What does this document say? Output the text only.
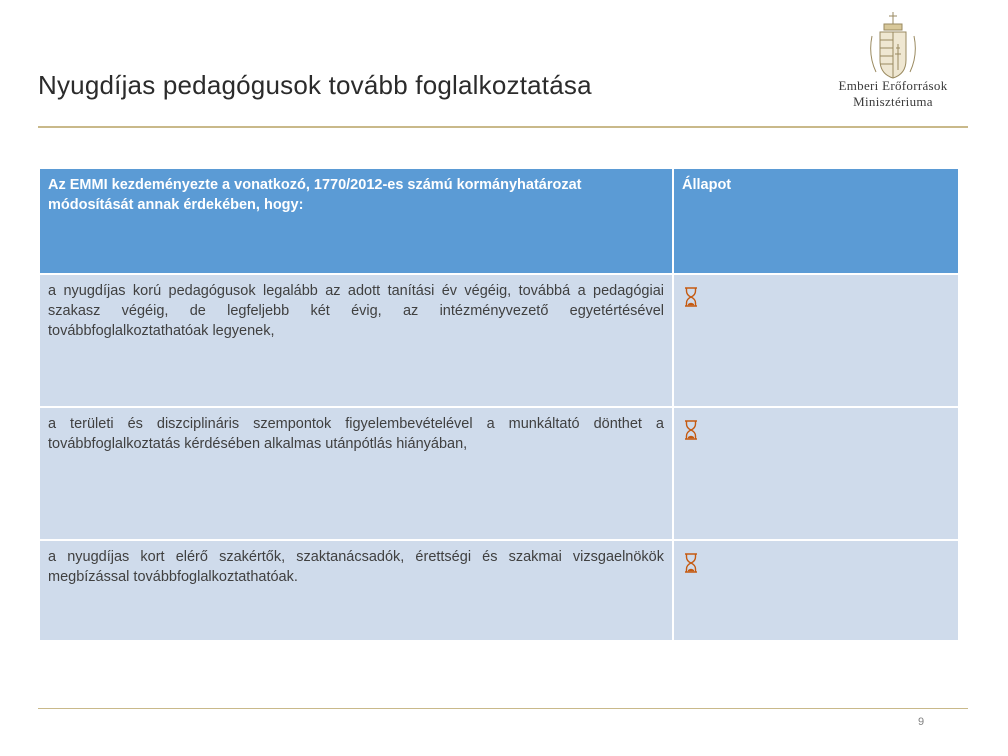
Nyugdíjas pedagógusok tovább foglalkoztatása	Emberi Erőforrások
Minisztériuma
Az EMMI kezdeményezte a vonatkozó, 1770/2012-es számú kormányhatározat módosítását annak érdekében, hogy:	Állapot
a nyugdíjas korú pedagógusok legalább az adott tanítási év végéig, továbbá a pedagógiai szakasz végéig, de legfeljebb két évig, az intézményvezető egyetértésével továbbfoglalkoztathatóak legyenek,	

a területi és diszciplináris szempontok figyelembevételével a munkáltató dönthet a továbbfoglalkoztatás kérdésében alkalmas utánpótlás hiányában,	

a nyugdíjas kort elérő szakértők, szaktanácsadók, érettségi és szakmai vizsgaelnökök megbízással továbbfoglalkoztathatóak.	
9
